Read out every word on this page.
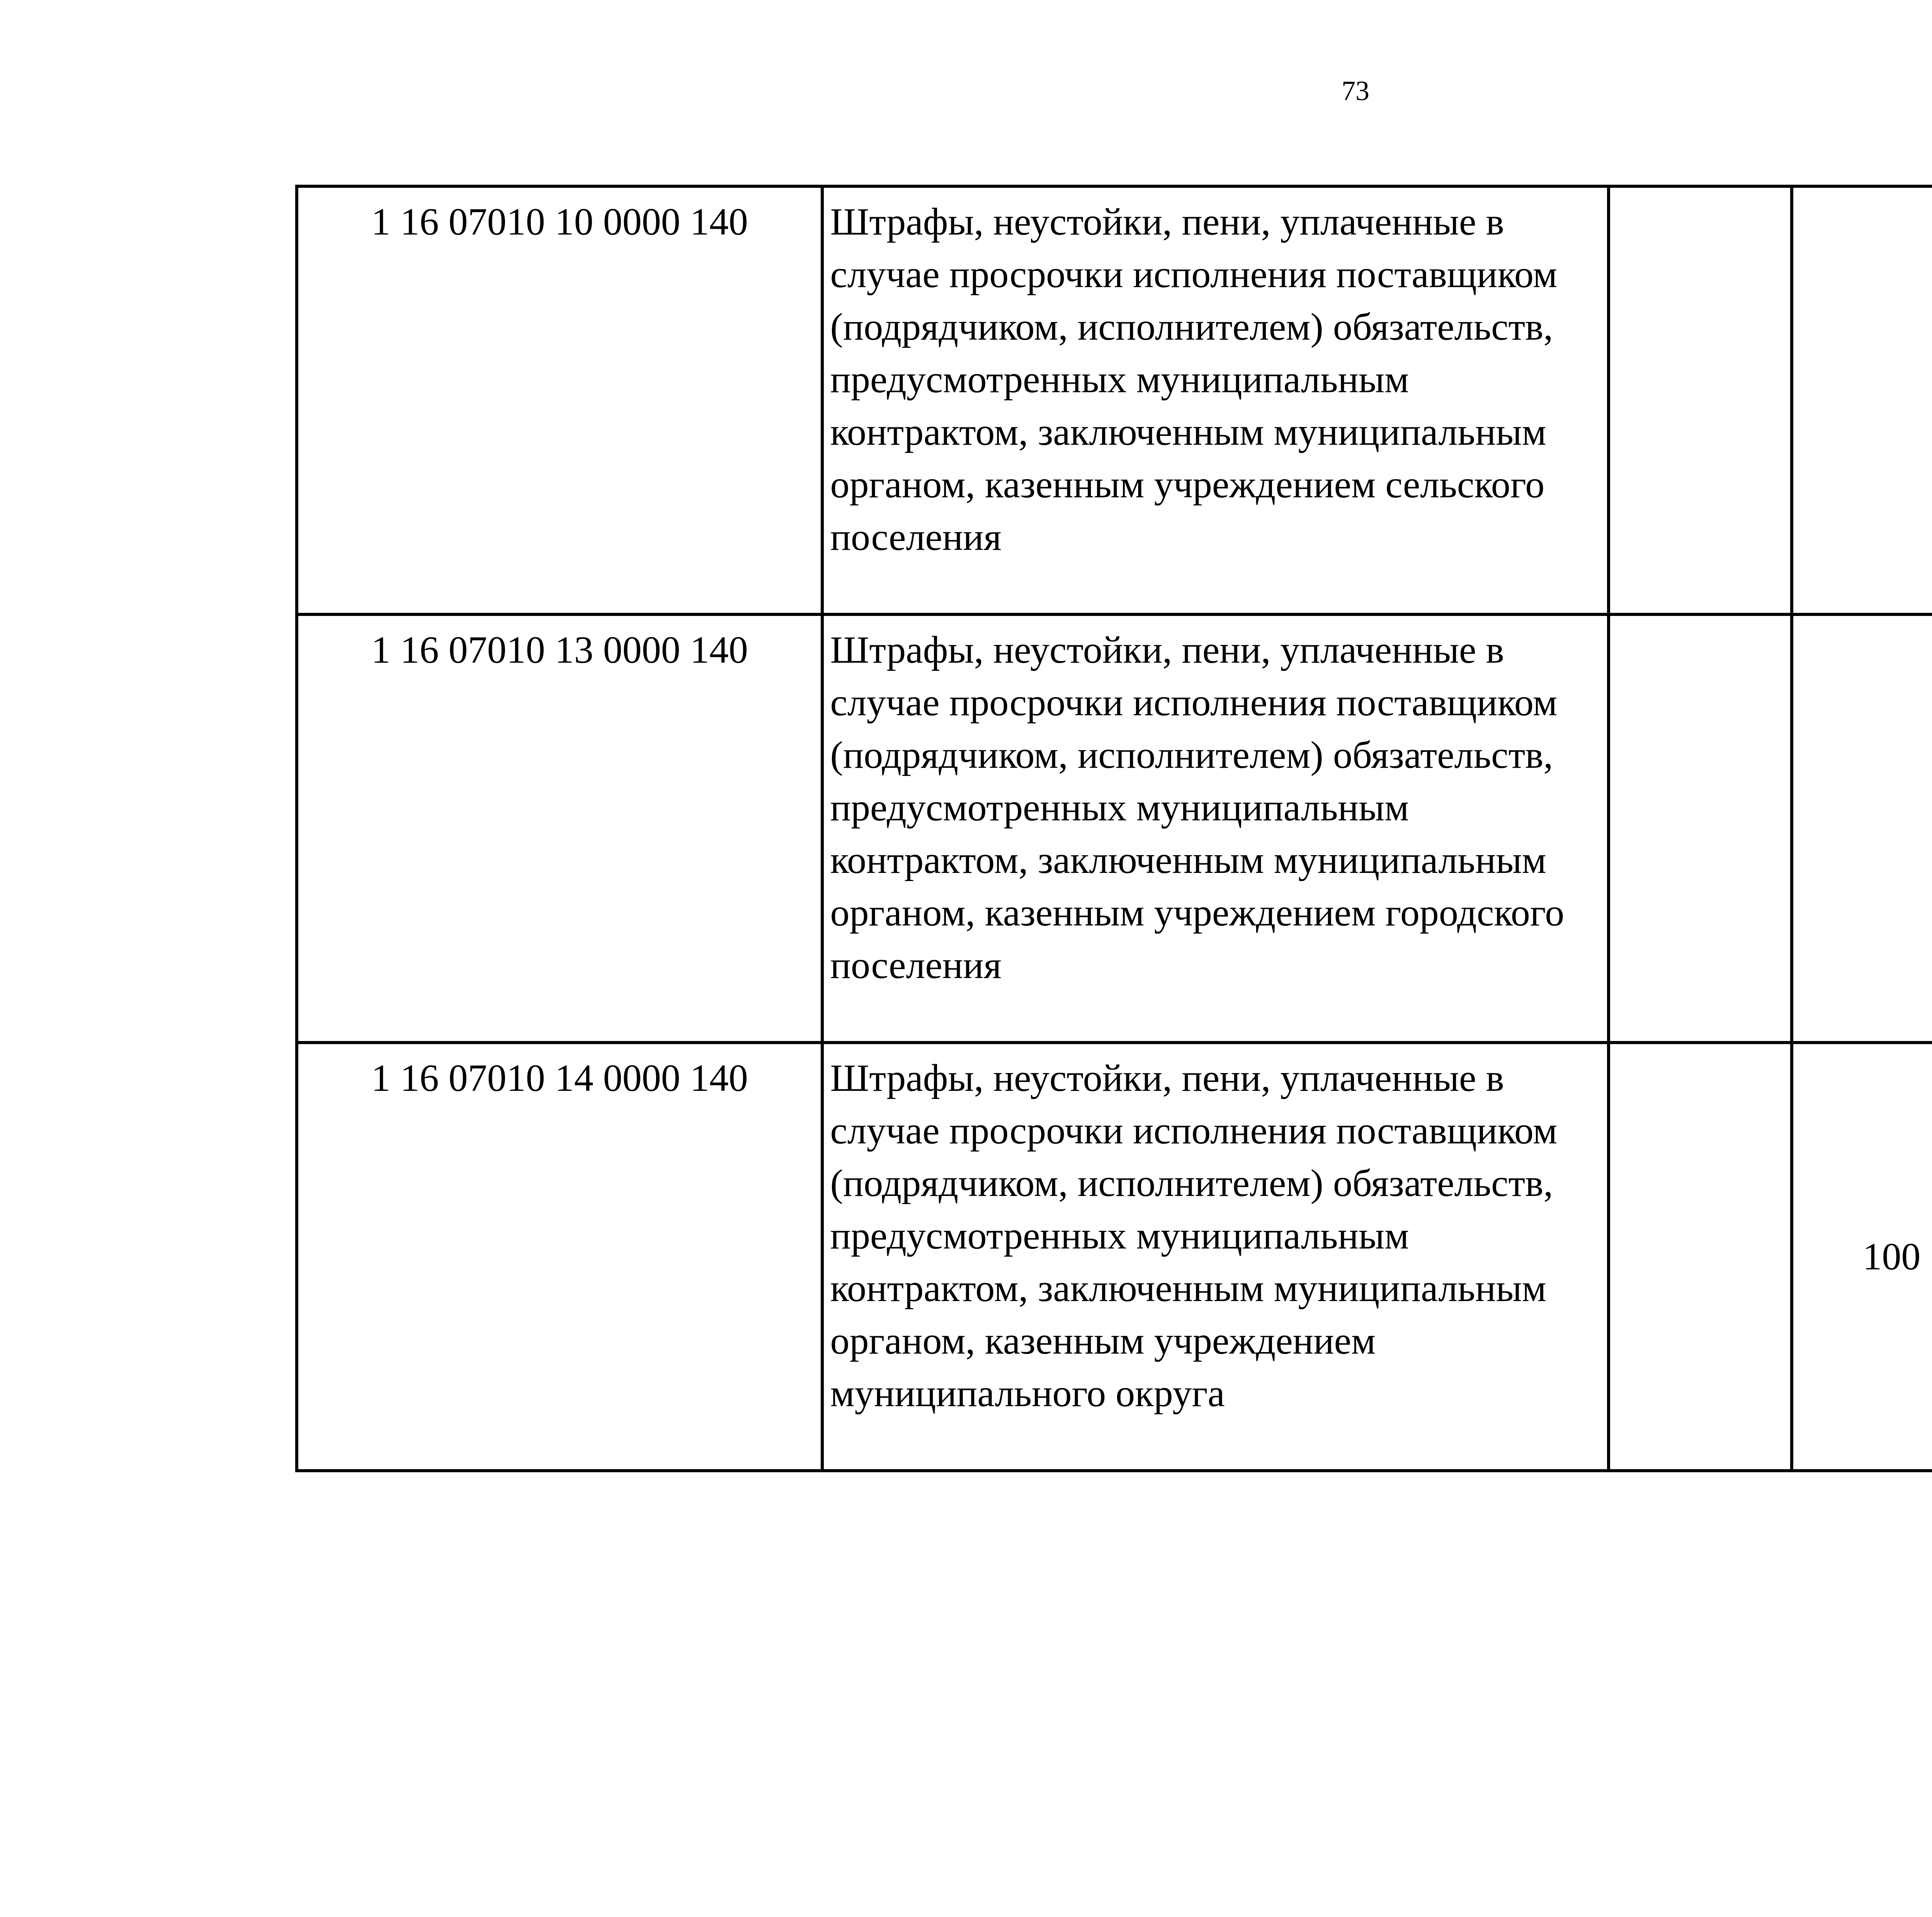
73
1 16 07010 10 0000 140	Штрафы, неустойки, пени, уплаченные в случае просрочки исполнения поставщиком (подрядчиком, исполнителем) обязательств, предусмотренных муниципальным контрактом, заключенным муниципальным органом, казенным учреждением сельского поселения					
1 16 07010 13 0000 140	Штрафы, неустойки, пени, уплаченные в случае просрочки исполнения поставщиком (подрядчиком, исполнителем) обязательств, предусмотренных муниципальным контрактом, заключенным муниципальным органом, казенным учреждением городского поселения					
1 16 07010 14 0000 140	Штрафы, неустойки, пени, уплаченные в случае просрочки исполнения поставщиком (подрядчиком, исполнителем) обязательств, предусмотренных муниципальным контрактом, заключенным муниципальным органом, казенным учреждением муниципального округа		100			
